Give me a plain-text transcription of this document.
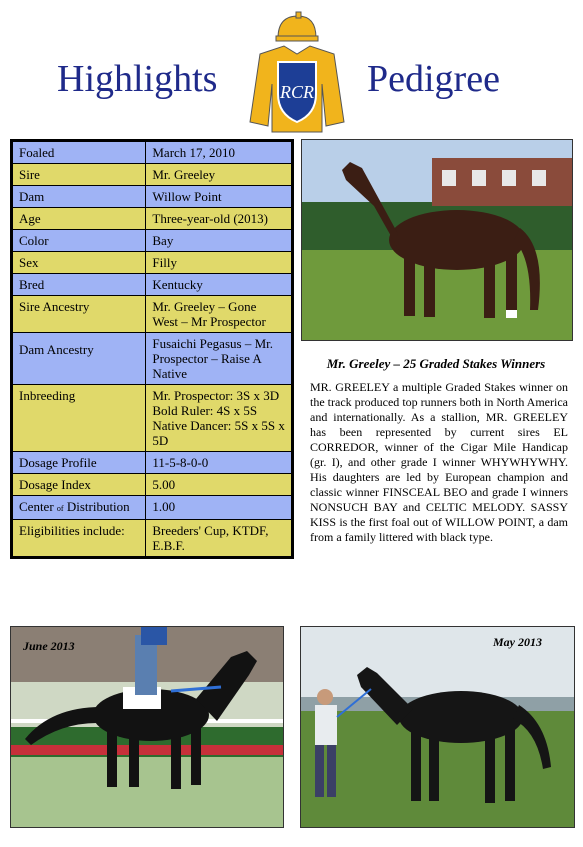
Highlights	Pedigree
RCR
Foaled	March 17, 2010
Sire	Mr. Greeley
Dam	Willow Point
Age	Three-year-old (2013)
Color	Bay
Sex	Filly
Bred	Kentucky
Sire Ancestry	Mr. Greeley – Gone West – Mr Prospector
Dam Ancestry	Fusaichi Pegasus – Mr. Prospector – Raise A Native
Inbreeding	Mr. Prospector: 3S x 3D
Bold Ruler: 4S x 5S
Native Dancer: 5S x 5S x 5D

Dosage Profile	11-5-8-0-0
Dosage Index	5.00
Center of Distribution	1.00
Eligibilities include:	Breeders' Cup, KTDF, E.B.F.
Mr. Greeley – 25 Graded Stakes Winners

MR. GREELEY a multiple Graded Stakes winner on the track produced top runners both in North America and internationally. As a stallion, MR. GREELEY has been represented by current sires EL CORREDOR, winner of the Cigar Mile Handicap (gr. I), and other grade I winner WHYWHYWHY. His daughters are led by European champion and classic winner FINSCEAL BEO and grade I winners NONSUCH BAY and CELTIC MELODY. SASSY KISS is the first foal out of WILLOW POINT, a dam from a family littered with black type.

June 2013	May 2013
